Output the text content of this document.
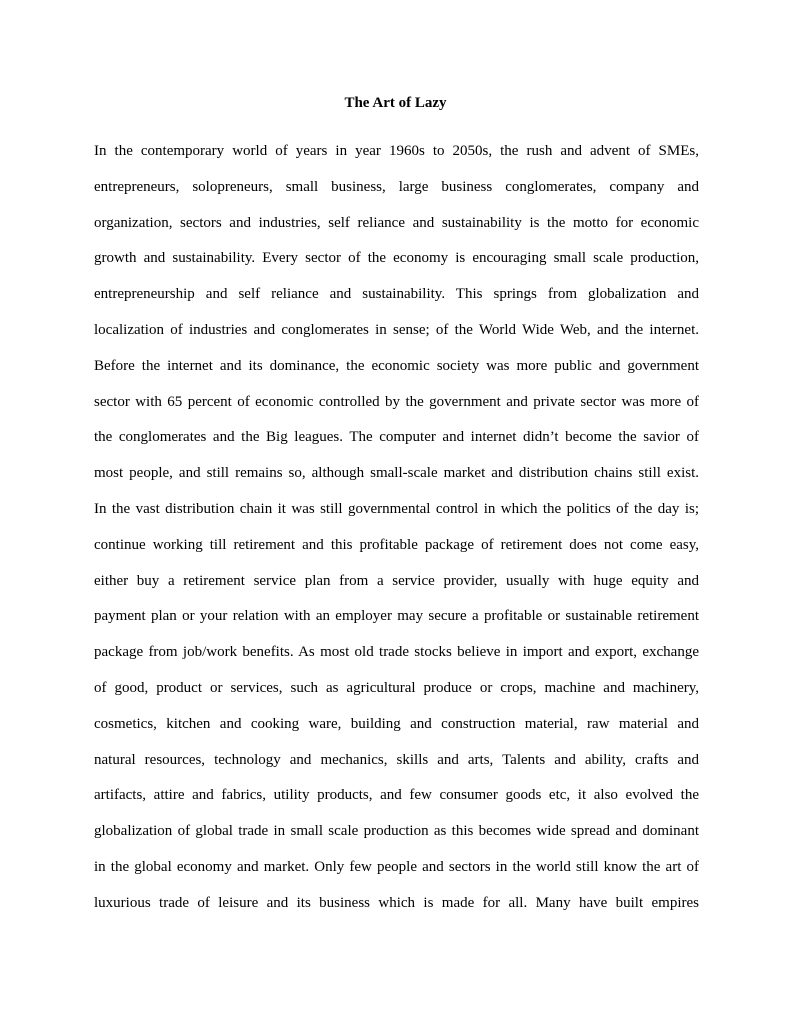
The Art of Lazy
In the contemporary world of years in year 1960s to 2050s, the rush and advent of SMEs,
entrepreneurs, solopreneurs, small business, large business conglomerates, company and
organization, sectors and industries, self reliance and sustainability is the motto for economic
growth and sustainability. Every sector of the economy is encouraging small scale production,
entrepreneurship and self reliance and sustainability. This springs from globalization and
localization of industries and conglomerates in sense; of the World Wide Web, and the internet.
Before the internet and its dominance, the economic society was more public and government
sector with 65 percent of economic controlled by the government and private sector was more of
the conglomerates and the Big leagues. The computer and internet didn’t become the savior of
most people, and still remains so, although small-scale market and distribution chains still exist.
In the vast distribution chain it was still governmental control in which the politics of the day is;
continue working till retirement and this profitable package of retirement does not come easy,
either buy a retirement service plan from a service provider, usually with huge equity and
payment plan or your relation with an employer may secure a profitable or sustainable retirement
package from job/work benefits. As most old trade stocks believe in import and export, exchange
of good, product or services, such as agricultural produce or crops, machine and machinery,
cosmetics, kitchen and cooking ware, building and construction material, raw material and
natural resources, technology and mechanics, skills and arts, Talents and ability, crafts and
artifacts, attire and fabrics, utility products, and few consumer goods etc, it also evolved the
globalization of global trade in small scale production as this becomes wide spread and dominant
in the global economy and market. Only few people and sectors in the world still know the art of
luxurious trade of leisure and its business which is made for all. Many have built empires
